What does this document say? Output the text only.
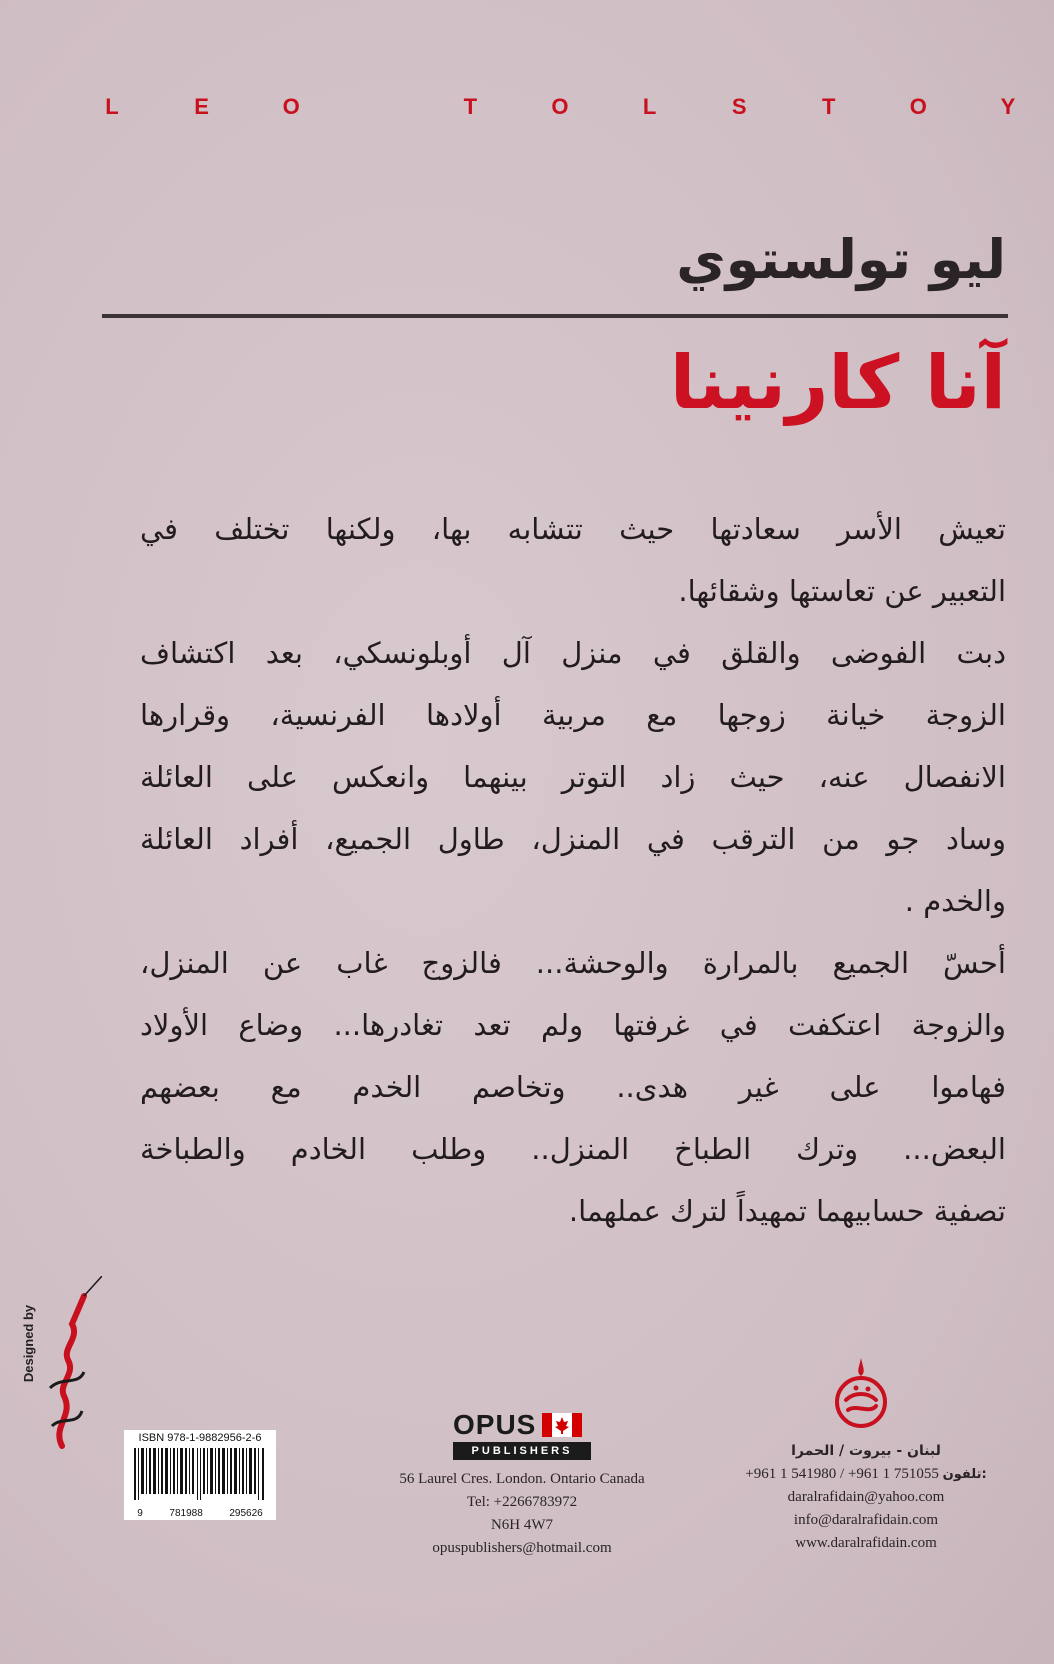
L	E	O	T	O	L	S	T	O	Y
ليو تولستوي
آنا كارنينا
تعيش الأسر سعادتها حيث تتشابه بها، ولكنها تختلف في
التعبير عن تعاستها وشقائها.
دبت الفوضى والقلق في منزل آل أوبلونسكي، بعد اكتشاف
الزوجة خيانة زوجها مع مربية أولادها الفرنسية، وقرارها
الانفصال عنه، حيث زاد التوتر بينهما وانعكس على العائلة
وساد جو من الترقب في المنزل، طاول الجميع، أفراد العائلة
والخدم .
أحسّ الجميع بالمرارة والوحشة... فالزوج غاب عن المنزل،
والزوجة اعتكفت في غرفتها ولم تعد تغادرها... وضاع الأولاد
فهاموا على غير هدى.. وتخاصم الخدم مع بعضهم
البعض... وترك الطباخ المنزل.. وطلب الخادم والطباخة
تصفية حسابيهما تمهيداً لترك عملهما.
Designed by
ISBN 978-1-9882956-2-6
9	781988	295626
OPUS
PUBLISHERS
56 Laurel Cres. London. Ontario Canada
Tel: +2266783972
N6H 4W7
opuspublishers@hotmail.com
لبنان - بيروت / الحمرا
+961 1 541980 / +961 1 751055 تلفون:
daralrafidain@yahoo.com
info@daralrafidain.com
www.daralrafidain.com
